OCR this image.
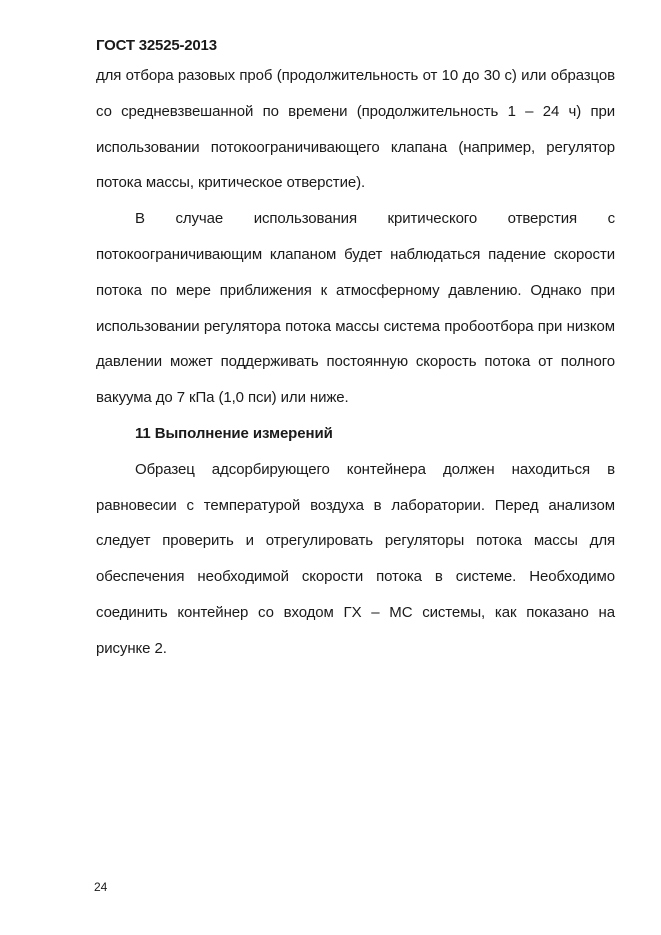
ГОСТ 32525-2013

для отбора разовых проб (продолжительность от 10 до 30 с) или образцов со средневзвешанной по времени (продолжительность 1 – 24 ч) при использовании потокоограничивающего клапана (например, регулятор потока массы, критическое отверстие).

В случае использования критического отверстия с потокоограничивающим клапаном будет наблюдаться падение скорости потока по мере приближения к атмосферному давлению. Однако при использовании регулятора потока массы система пробоотбора при низком давлении может поддерживать постоянную скорость потока от полного вакуума до 7 кПа (1,0 пси) или ниже.

11 Выполнение измерений

Образец адсорбирующего контейнера должен находиться в равновесии с температурой воздуха в лаборатории. Перед анализом следует проверить и отрегулировать регуляторы потока массы для обеспечения необходимой скорости потока в системе. Необходимо соединить контейнер со входом ГХ – МС системы, как показано на рисунке 2.

24
